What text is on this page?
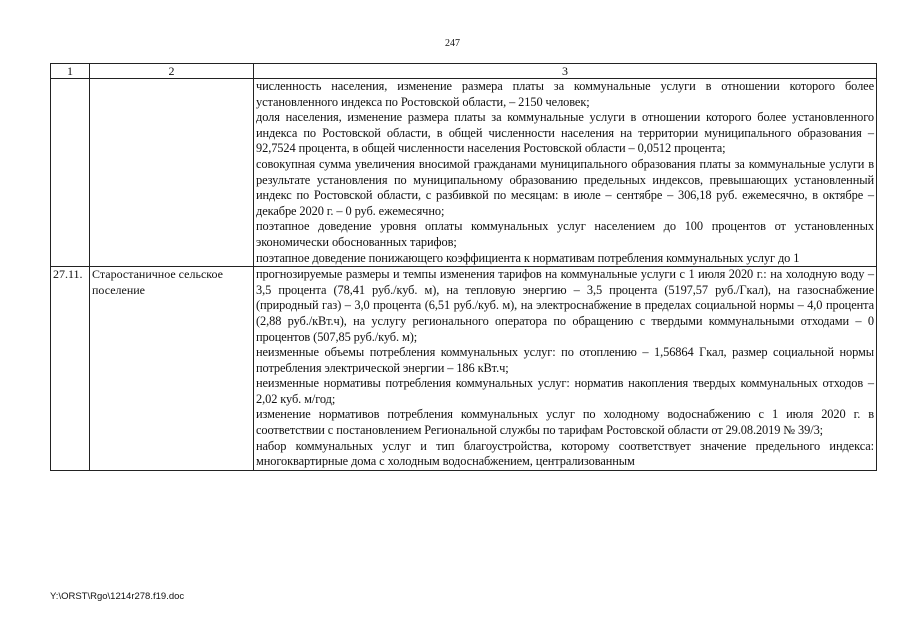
247
1	2	3

		численность населения, изменение размера платы за коммунальные услуги в отношении которого более установленного индекса по Ростовской области, – 2150 человек;

доля населения, изменение размера платы за коммунальные услуги в отношении которого более установленного индекса по Ростовской области, в общей численности населения на территории муниципального образования – 92,7524 процента, в общей численности населения Ростовской области – 0,0512 процента;

совокупная сумма увеличения вносимой гражданами муниципального образования платы за коммунальные услуги в результате установления по муниципальному образованию предельных индексов, превышающих установленный индекс по Ростовской области, с разбивкой по месяцам: в июле – сентябре – 306,18 руб. ежемесячно, в октябре – декабре 2020 г. – 0 руб. ежемесячно;

поэтапное доведение уровня оплаты коммунальных услуг населением до 100 процентов от установленных экономически обоснованных тарифов;

поэтапное доведение понижающего коэффициента к нормативам потребления коммунальных услуг до 1

27.11.	Старостаничное сельское поселение	прогнозируемые размеры и темпы изменения тарифов на коммунальные услуги с 1 июля 2020 г.: на холодную воду – 3,5 процента (78,41 руб./куб. м), на тепловую энергию – 3,5 процента (5197,57 руб./Гкал), на газоснабжение (природный газ) – 3,0 процента (6,51 руб./куб. м), на электроснабжение в пределах социальной нормы – 4,0 процента (2,88 руб./кВт.ч), на услугу регионального оператора по обращению с твердыми коммунальными отходами – 0 процентов (507,85 руб./куб. м);

неизменные объемы потребления коммунальных услуг: по отоплению – 1,56864 Гкал, размер социальной нормы потребления электрической энергии – 186 кВт.ч;

неизменные нормативы потребления коммунальных услуг: норматив накопления твердых коммунальных отходов – 2,02 куб. м/год;

изменение нормативов потребления коммунальных услуг по холодному водоснабжению с 1 июля 2020 г. в соответствии с постановлением Региональной службы по тарифам Ростовской области от 29.08.2019 № 39/3;

набор коммунальных услуг и тип благоустройства, которому соответствует значение предельного индекса: многоквартирные дома с холодным водоснабжением, централизованным

Y:\ORST\Rgo\1214r278.f19.doc
